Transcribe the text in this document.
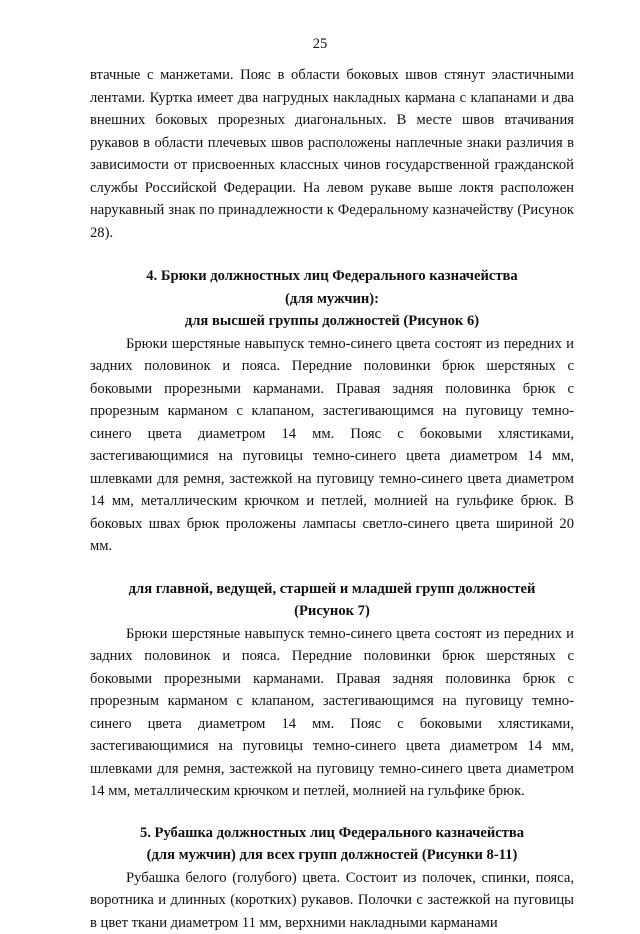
25

втачные с манжетами. Пояс в области боковых швов стянут эластичными лентами. Куртка имеет два нагрудных накладных кармана с клапанами и два внешних боковых прорезных диагональных. В месте швов втачивания рукавов в области плечевых швов расположены наплечные знаки различия в зависимости от присвоенных классных чинов государственной гражданской службы Российской Федерации. На левом рукаве выше локтя расположен нарукавный знак по принадлежности к Федеральному казначейству (Рисунок 28).

4. Брюки должностных лиц Федерального казначейства

(для мужчин):

для высшей группы должностей (Рисунок 6)

Брюки шерстяные навыпуск темно-синего цвета состоят из передних и задних половинок и пояса. Передние половинки брюк шерстяных с боковыми прорезными карманами. Правая задняя половинка брюк с прорезным карманом с клапаном, застегивающимся на пуговицу темно-синего цвета диаметром 14 мм. Пояс с боковыми хлястиками, застегивающимися на пуговицы темно-синего цвета диаметром 14 мм, шлевками для ремня, застежкой на пуговицу темно-синего цвета диаметром 14 мм, металлическим крючком и петлей, молнией на гульфике брюк. В боковых швах брюк проложены лампасы светло-синего цвета шириной 20 мм.

для главной, ведущей, старшей и младшей групп должностей

(Рисунок 7)

Брюки шерстяные навыпуск темно-синего цвета состоят из передних и задних половинок и пояса. Передние половинки брюк шерстяных с боковыми прорезными карманами. Правая задняя половинка брюк с прорезным карманом с клапаном, застегивающимся на пуговицу темно-синего цвета диаметром 14 мм. Пояс с боковыми хлястиками, застегивающимися на пуговицы темно-синего цвета диаметром 14 мм, шлевками для ремня, застежкой на пуговицу темно-синего цвета диаметром 14 мм, металлическим крючком и петлей, молнией на гульфике брюк.

5. Рубашка должностных лиц Федерального казначейства

(для мужчин) для всех групп должностей (Рисунки 8-11)

Рубашка белого (голубого) цвета. Состоит из полочек, спинки, пояса, воротника и длинных (коротких) рукавов. Полочки с застежкой на пуговицы в цвет ткани диаметром 11 мм, верхними накладными карманами
